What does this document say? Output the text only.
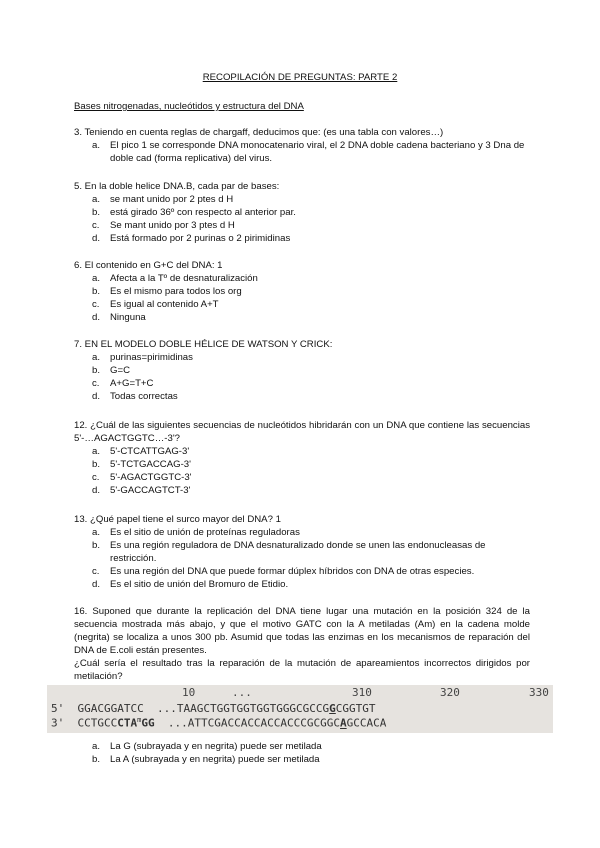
RECOPILACIÓN DE PREGUNTAS: PARTE 2
Bases nitrogenadas, nucleótidos y estructura del DNA

3. Teniendo en cuenta reglas de chargaff, deducimos que: (es una tabla con valores…)

a. El pico 1 se corresponde DNA monocatenario viral, el 2 DNA doble cadena bacteriano y 3 Dna de doble cad (forma replicativa) del virus.

5. En la doble helice DNA.B, cada par de bases:

a. se mant unido por 2 ptes d H
b. está girado 36º con respecto al anterior par.
c. Se mant unido por 3 ptes d H
d. Está formado por 2 purinas o 2 pirimidinas

6. El contenido en G+C del DNA: 1

a. Afecta a la Tº de desnaturalización
b. Es el mismo para todos los org
c. Es igual al contenido A+T
d. Ninguna

7. EN EL MODELO DOBLE HÉLICE DE WATSON Y CRICK:

a. purinas=pirimidinas
b. G=C
c. A+G=T+C
d. Todas correctas

12. ¿Cuál de las siguientes secuencias de nucleótidos hibridarán con un DNA que contiene las secuencias 5'-…AGACTGGTC…-3'?

a. 5'-CTCATTGAG-3'
b. 5'-TCTGACCAG-3'
c. 5'-AGACTGGTC-3'
d. 5'-GACCAGTCT-3'

13. ¿Qué papel tiene el surco mayor del DNA? 1

a. Es el sitio de unión de proteínas reguladoras
b. Es una región reguladora de DNA desnaturalizado donde se unen las endonucleasas de restricción.
c. Es una región del DNA que puede formar dúplex híbridos con DNA de otras especies.
d. Es el sitio de unión del Bromuro de Etidio.

16. Suponed que durante la replicación del DNA tiene lugar una mutación en la posición 324 de la secuencia mostrada más abajo, y que el motivo GATC con la A metiladas (Am) en la cadena molde (negrita) se localiza a unos 300 pb. Asumid que todas las enzimas en los mecanismos de reparación del DNA de E.coli están presentes.

¿Cuál sería el resultado tras la reparación de la mutación de apareamientos incorrectos dirigidos por metilación?

10	...	310	320	330
5' GGACGGATCC ...TAAGCTGGTGGTGGTGGGCGCCGGCGGTGT
3' CCTGCCCTA$^m$GG ...ATTCGACCACCACCACCCGCGGCAGCCACA
a. La G (subrayada y en negrita) puede ser metilada
b. La A (subrayada y en negrita) puede ser metilada
